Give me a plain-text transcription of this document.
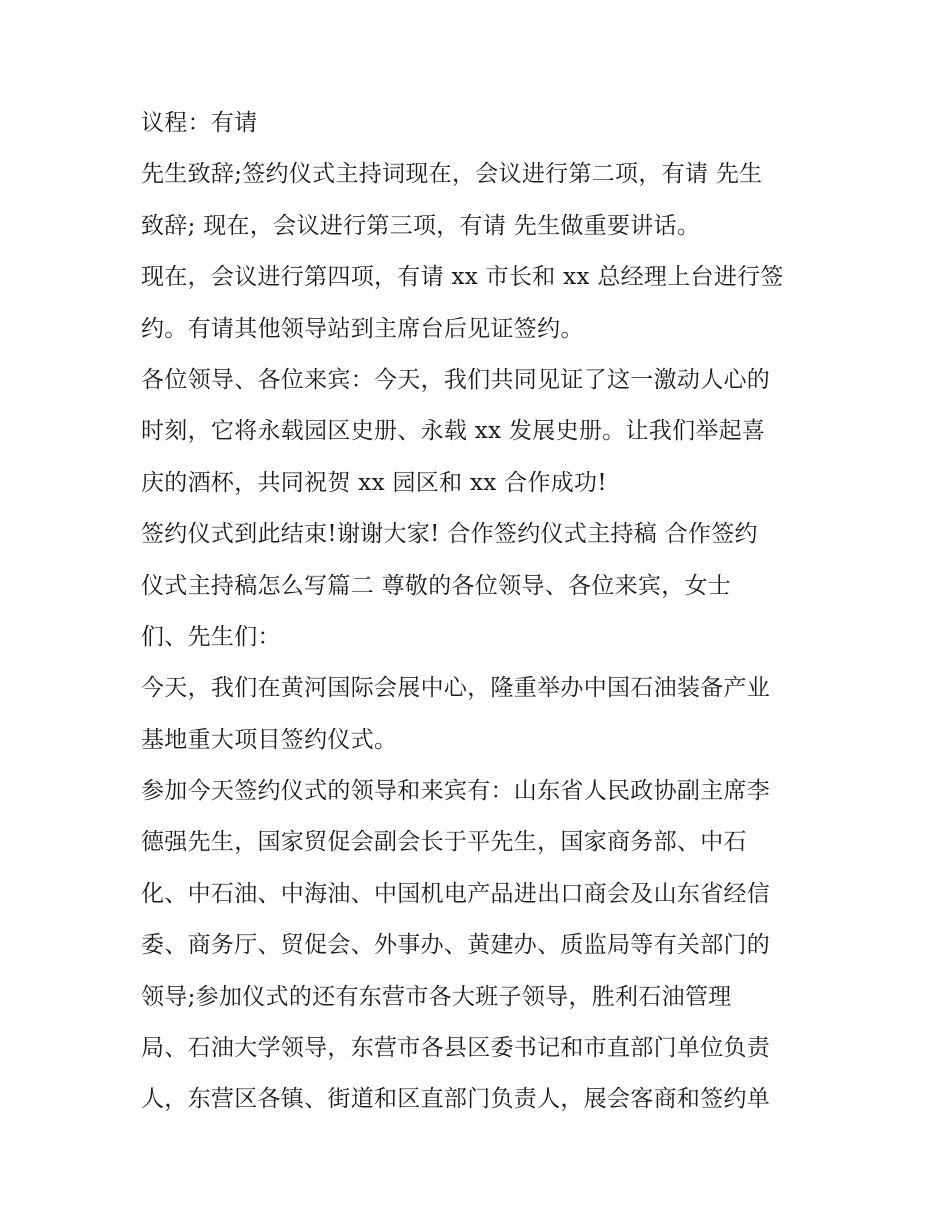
议程：有请
先生致辞;签约仪式主持词现在，会议进行第二项，有请 先生
致辞; 现在，会议进行第三项，有请 先生做重要讲话。
现在，会议进行第四项，有请 xx 市长和 xx 总经理上台进行签
约。有请其他领导站到主席台后见证签约。
各位领导、各位来宾：今天，我们共同见证了这一激动人心的
时刻，它将永载园区史册、永载 xx 发展史册。让我们举起喜
庆的酒杯，共同祝贺 xx 园区和 xx 合作成功!
签约仪式到此结束!谢谢大家! 合作签约仪式主持稿 合作签约
仪式主持稿怎么写篇二 尊敬的各位领导、各位来宾，女士
们、先生们：
今天，我们在黄河国际会展中心，隆重举办中国石油装备产业
基地重大项目签约仪式。
参加今天签约仪式的领导和来宾有：山东省人民政协副主席李
德强先生，国家贸促会副会长于平先生，国家商务部、中石
化、中石油、中海油、中国机电产品进出口商会及山东省经信
委、商务厅、贸促会、外事办、黄建办、质监局等有关部门的
领导;参加仪式的还有东营市各大班子领导，胜利石油管理
局、石油大学领导，东营市各县区委书记和市直部门单位负责
人，东营区各镇、街道和区直部门负责人，展会客商和签约单
